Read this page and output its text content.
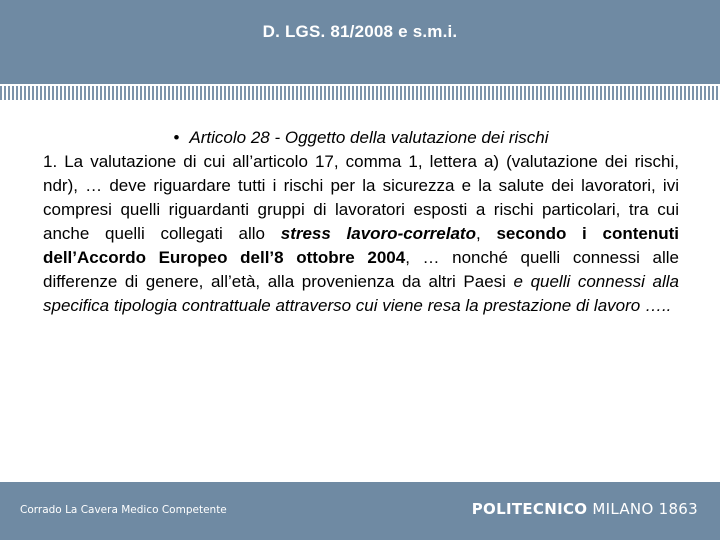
D. LGS. 81/2008 e s.m.i.
• Articolo 28 - Oggetto della valutazione dei rischi
1. La valutazione di cui all’articolo 17, comma 1, lettera a) (valutazione dei rischi, ndr), … deve riguardare tutti i rischi per la sicurezza e la salute dei lavoratori, ivi compresi quelli riguardanti gruppi di lavoratori esposti a rischi particolari, tra cui anche quelli collegati allo stress lavoro-correlato, secondo i contenuti dell’Accordo Europeo dell’8 ottobre 2004, … nonché quelli connessi alle differenze di genere, all’età, alla provenienza da altri Paesi e quelli connessi alla specifica tipologia contrattuale attraverso cui viene resa la prestazione di lavoro …..
Corrado La Cavera Medico Competente	POLITECNICO MILANO 1863
